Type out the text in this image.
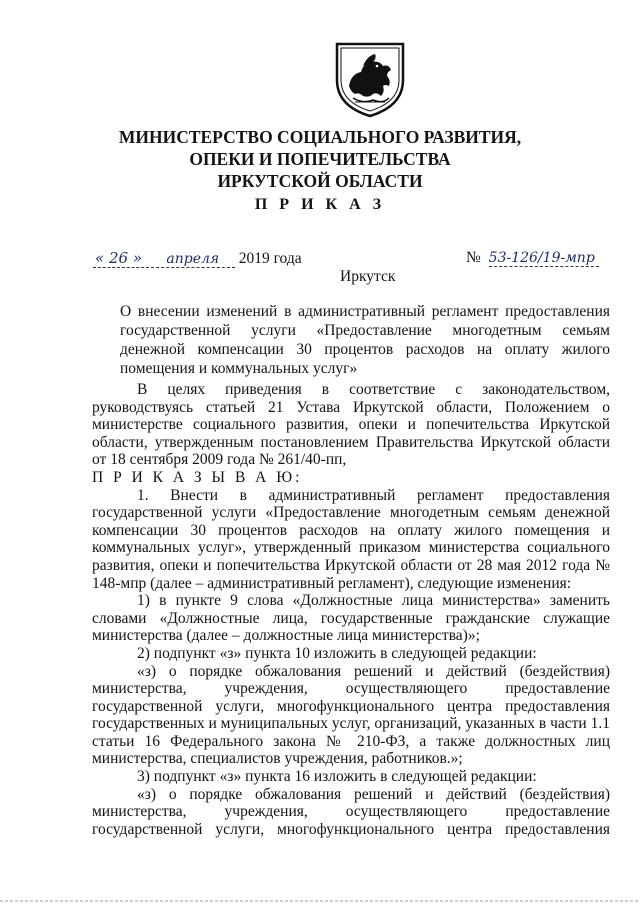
МИНИСТЕРСТВО СОЦИАЛЬНОГО РАЗВИТИЯ,
ОПЕКИ И ПОПЕЧИТЕЛЬСТВА
ИРКУТСКОЙ ОБЛАСТИ
П Р И К А З
« 26 » апреля 2019 года	№ 53-126/19-мпр
Иркутск
О внесении изменений в административный регламент предоставления государственной услуги «Предоставление многодетным семьям денежной компенсации 30 процентов расходов на оплату жилого помещения и коммунальных услуг»

В целях приведения в соответствие с законодательством, руководствуясь статьей 21 Устава Иркутской области, Положением о министерстве социального развития, опеки и попечительства Иркутской области, утвержденным постановлением Правительства Иркутской области от 18 сентября 2009 года № 261/40-пп,

П Р И К А З Ы В А Ю:

1. Внести в административный регламент предоставления государственной услуги «Предоставление многодетным семьям денежной компенсации 30 процентов расходов на оплату жилого помещения и коммунальных услуг», утвержденный приказом министерства социального развития, опеки и попечительства Иркутской области от 28 мая 2012 года № 148-мпр (далее – административный регламент), следующие изменения:

1) в пункте 9 слова «Должностные лица министерства» заменить словами «Должностные лица, государственные гражданские служащие министерства (далее – должностные лица министерства)»;

2) подпункт «з» пункта 10 изложить в следующей редакции:

«з) о порядке обжалования решений и действий (бездействия) министерства, учреждения, осуществляющего предоставление государственной услуги, многофункционального центра предоставления государственных и муниципальных услуг, организаций, указанных в части 1.1 статьи 16 Федерального закона № 210-ФЗ, а также должностных лиц министерства, специалистов учреждения, работников.»;

3) подпункт «з» пункта 16 изложить в следующей редакции:

«з) о порядке обжалования решений и действий (бездействия) министерства, учреждения, осуществляющего предоставление государственной услуги, многофункционального центра предоставления
